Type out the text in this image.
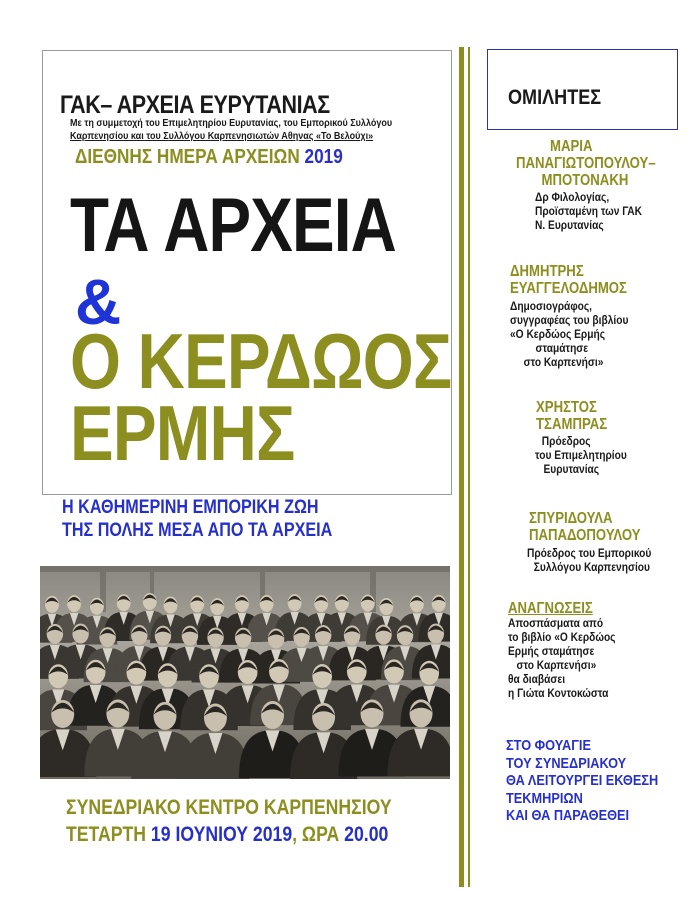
ΓΑΚ– ΑΡΧΕΙΑ ΕΥΡΥΤΑΝΙΑΣ
Με τη συμμετοχή του Επιμελητηρίου Ευρυτανίας, του Εμπορικού Συλλόγου
Καρπενησίου και του Συλλόγου Καρπενησιωτών Αθηνας «Το Βελούχι»
ΔΙΕΘΝΗΣ ΗΜΕΡΑ ΑΡΧΕΙΩΝ 2019
ΤΑ ΑΡΧΕΙΑ
&
Ο ΚΕΡΔΩΟΣ
ΕΡΜΗΣ
Η ΚΑΘΗΜΕΡΙΝΗ ΕΜΠΟΡΙΚΗ ΖΩΗ
ΤΗΣ ΠΟΛΗΣ ΜΕΣΑ ΑΠΟ ΤΑ ΑΡΧΕΙΑ
ΣΥΝΕΔΡΙΑΚΟ ΚΕΝΤΡΟ ΚΑΡΠΕΝΗΣΙΟΥ
ΤΕΤΑΡΤΗ 19 ΙΟΥΝΙΟΥ 2019, ΩΡΑ 20.00
ΟΜΙΛΗΤΕΣ
ΜΑΡΙΑ
ΠΑΝΑΓΙΩΤΟΠΟΥΛΟΥ–
ΜΠΟΤΟΝΑΚΗ
Δρ Φιλολογίας,
Προϊσταμένη των ΓΑΚ
Ν. Ευρυτανίας
ΔΗΜΗΤΡΗΣ
ΕΥΑΓΓΕΛΟΔΗΜΟΣ
Δημοσιογράφος,
συγγραφέας του βιβλίου
«Ο Κερδώος Ερμής
σταμάτησε
στο Καρπενήσι»
ΧΡΗΣΤΟΣ
ΤΣΑΜΠΡΑΣ
Πρόεδρος
του Επιμελητηρίου
Ευρυτανίας
ΣΠΥΡΙΔΟΥΛΑ
ΠΑΠΑΔΟΠΟΥΛΟΥ
Πρόεδρος του Εμπορικού
Συλλόγου Καρπενησίου
ΑΝΑΓΝΩΣΕΙΣ
Αποσπάσματα από
το βιβλίο «Ο Κερδώος
Ερμής σταμάτησε
στο Καρπενήσι»
θα διαβάσει
η Γιώτα Κοντοκώστα
ΣΤΟ ΦΟΥΑΓΙΕ
ΤΟΥ ΣΥΝΕΔΡΙΑΚΟΥ
ΘΑ ΛΕΙΤΟΥΡΓΕΙ ΕΚΘΕΣΗ
ΤΕΚΜΗΡΙΩΝ
ΚΑΙ ΘΑ ΠΑΡΑΘΕΘΕΙ
